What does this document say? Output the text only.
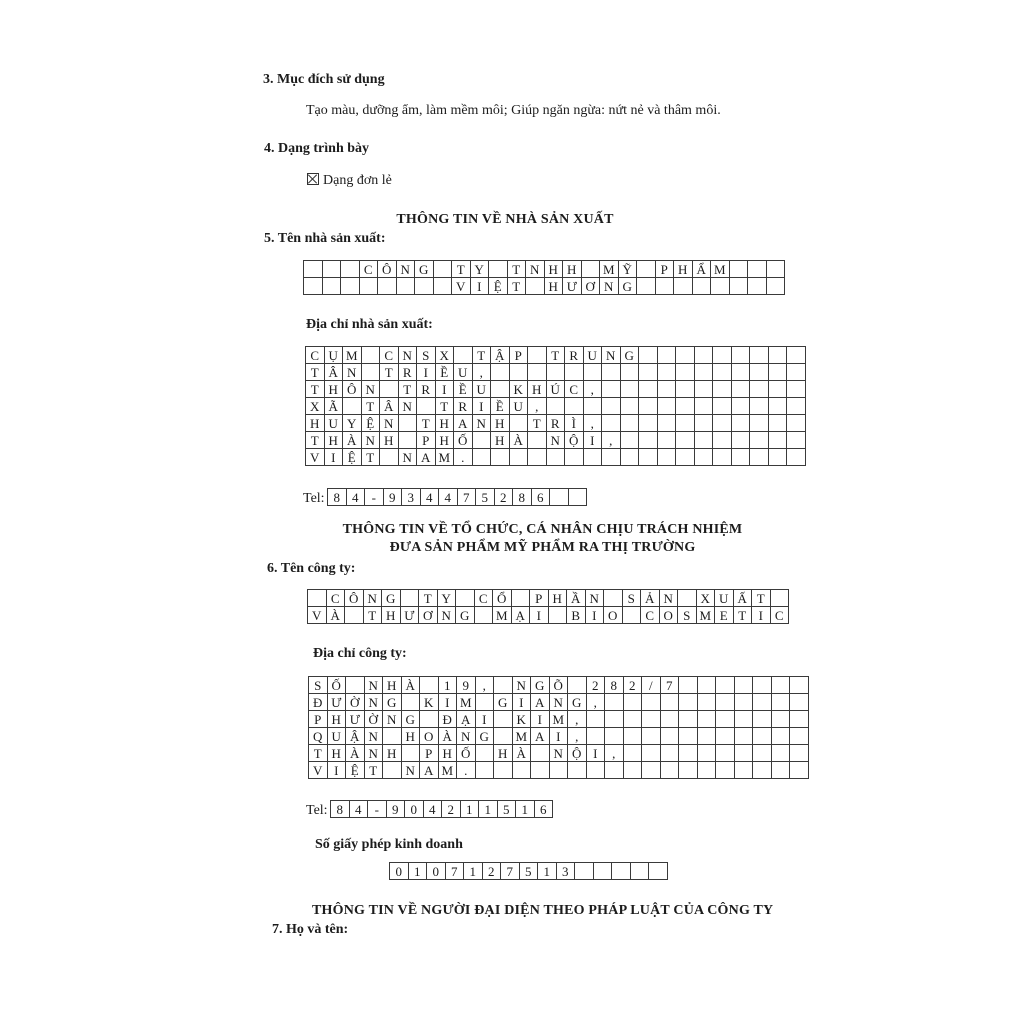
3. Mục đích sử dụng
Tạo màu, dưỡng ẩm, làm mềm môi; Giúp ngăn ngừa: nứt nẻ và thâm môi.
4. Dạng trình bày
Dạng đơn lẻ
THÔNG TIN VỀ NHÀ SẢN XUẤT
5. Tên nhà sản xuất:
			C	Ô	N	G		T	Y		T	N	H	H		M	Ỹ		P	H	Ẩ	M			
								V	I	Ệ	T		H	Ư	Ơ	N	G								
Địa chỉ nhà sản xuất:
C	Ụ	M		C	N	S	X		T	Ậ	P		T	R	U	N	G									
T	Â	N		T	R	I	Ề	U	,																	
T	H	Ô	N		T	R	I	Ề	U		K	H	Ú	C	,											
X	Ã		T	Â	N		T	R	I	Ề	U	,														
H	U	Y	Ệ	N		T	H	A	N	H		T	R	Ì	,											
T	H	À	N	H		P	H	Ố		H	À		N	Ộ	I	,										
V	I	Ệ	T		N	A	M	.																		
Tel: 8	4	-	9	3	4	4	7	5	2	8	6		
THÔNG TIN VỀ TỔ CHỨC, CÁ NHÂN CHỊU TRÁCH NHIỆM
ĐƯA SẢN PHẨM MỸ PHẨM RA THỊ TRƯỜNG
6. Tên công ty:
	C	Ô	N	G		T	Y		C	Ổ		P	H	Ầ	N		S	Ả	N		X	U	Ấ	T	
V	À		T	H	Ư	Ơ	N	G		M	Ạ	I		B	I	O		C	O	S	M	E	T	I	C
Địa chỉ công ty:
S	Ố		N	H	À		1	9	,		N	G	Õ		2	8	2	/	7							
Đ	Ư	Ờ	N	G		K	I	M		G	I	A	N	G	,											
P	H	Ư	Ờ	N	G		Đ	Ạ	I		K	I	M	,												
Q	U	Ậ	N		H	O	À	N	G		M	A	I	,												
T	H	À	N	H		P	H	Ố		H	À		N	Ộ	I	,										
V	I	Ệ	T		N	A	M	.																		
Tel: 8	4	-	9	0	4	2	1	1	5	1	6
Số giấy phép kinh doanh
0	1	0	7	1	2	7	5	1	3					
THÔNG TIN VỀ NGƯỜI ĐẠI DIỆN THEO PHÁP LUẬT CỦA CÔNG TY
7. Họ và tên:
